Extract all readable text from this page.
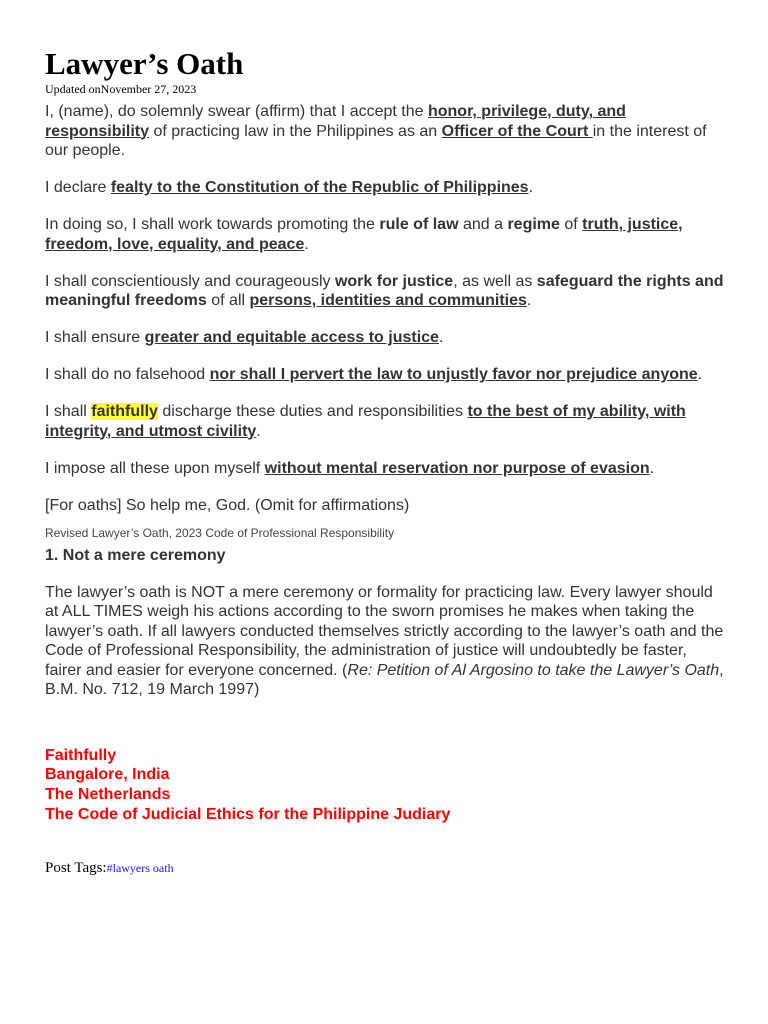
Lawyer’s Oath
Updated onNovember 27, 2023

I, (name), do solemnly swear (affirm) that I accept the honor, privilege, duty, and responsibility of practicing law in the Philippines as an Officer of the Court in the interest of our people.

I declare fealty to the Constitution of the Republic of Philippines.

In doing so, I shall work towards promoting the rule of law and a regime of truth, justice, freedom, love, equality, and peace.

I shall conscientiously and courageously work for justice, as well as safeguard the rights and meaningful freedoms of all persons, identities and communities.

I shall ensure greater and equitable access to justice.

I shall do no falsehood nor shall I pervert the law to unjustly favor nor prejudice anyone.

I shall faithfully discharge these duties and responsibilities to the best of my ability, with integrity, and utmost civility.

I impose all these upon myself without mental reservation nor purpose of evasion.

[For oaths] So help me, God. (Omit for affirmations)

Revised Lawyer’s Oath, 2023 Code of Professional Responsibility
1. Not a mere ceremony

The lawyer’s oath is NOT a mere ceremony or formality for practicing law. Every lawyer should at ALL TIMES weigh his actions according to the sworn promises he makes when taking the lawyer’s oath. If all lawyers conducted themselves strictly according to the lawyer’s oath and the Code of Professional Responsibility, the administration of justice will undoubtedly be faster, fairer and easier for everyone concerned. (Re: Petition of Al Argosino to take the Lawyer’s Oath, B.M. No. 712, 19 March 1997)

Faithfully
Bangalore, India
The Netherlands
The Code of Judicial Ethics for the Philippine Judiary
Post Tags:#lawyers oath
